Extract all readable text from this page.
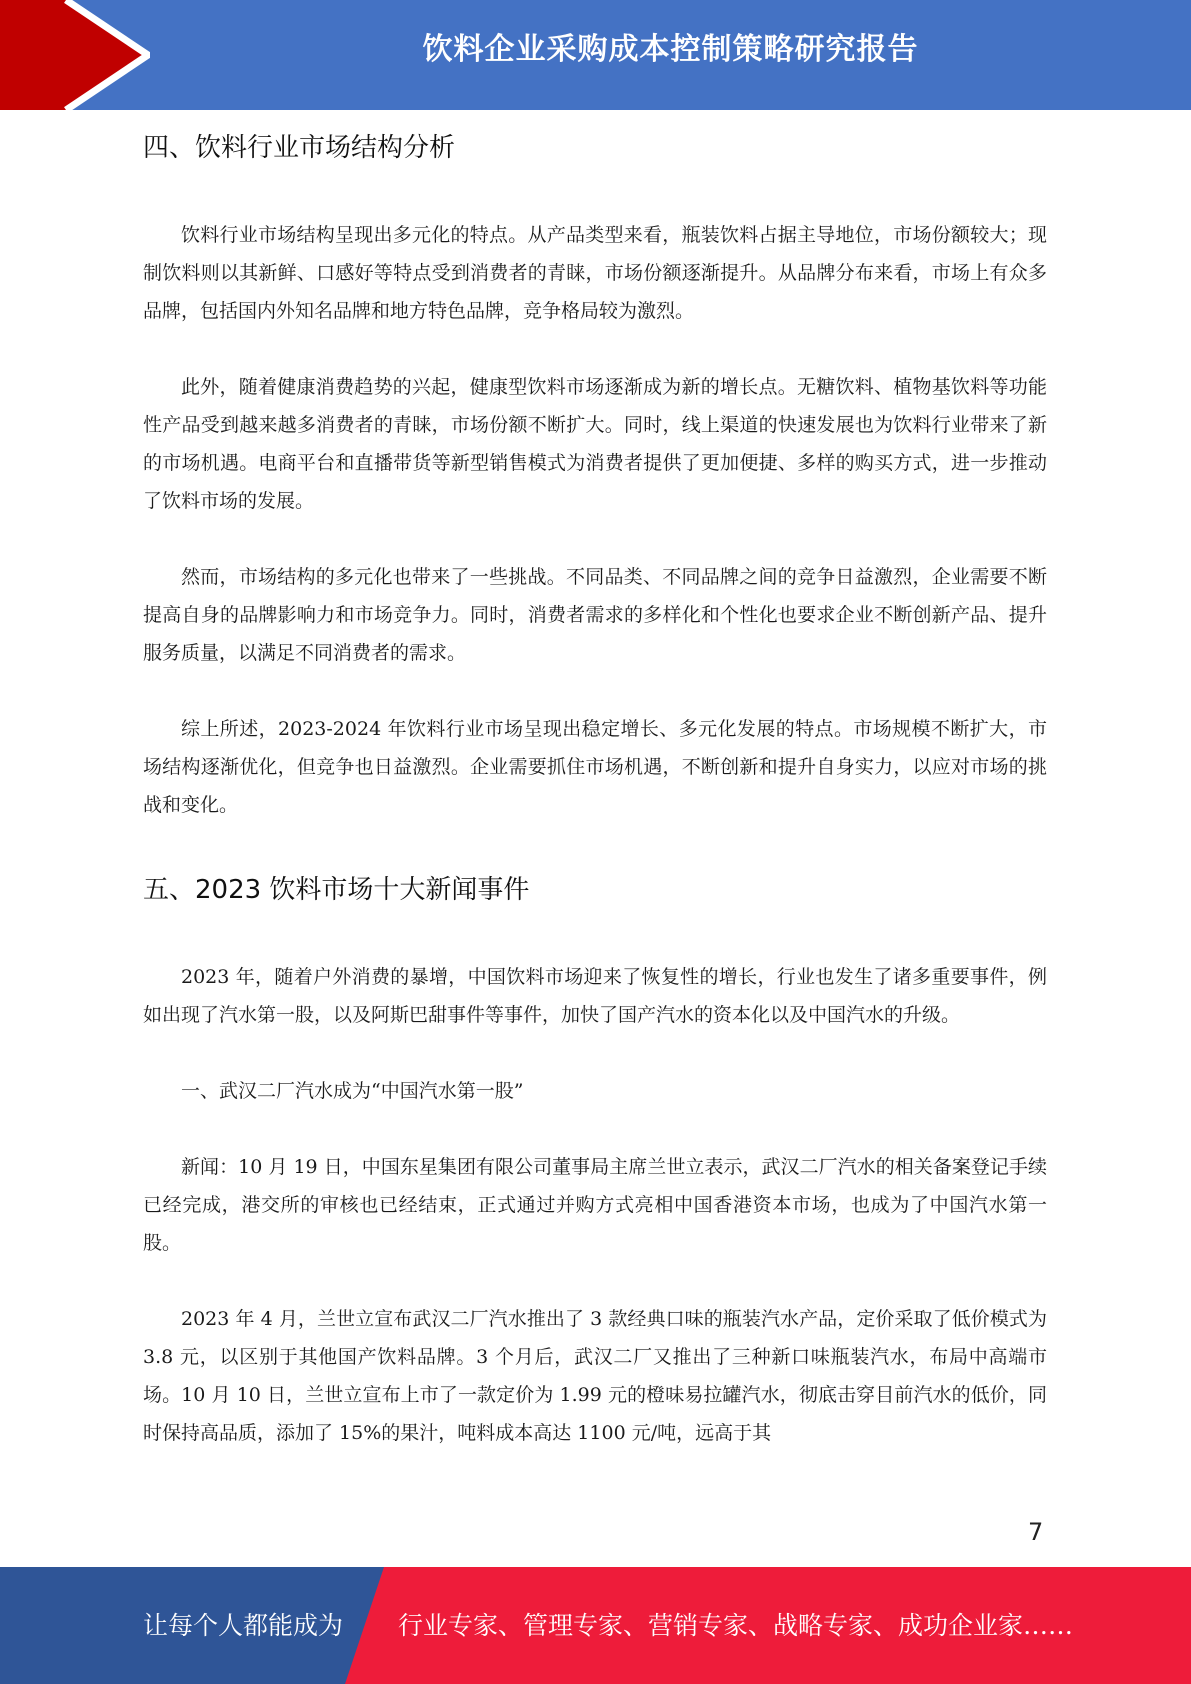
饮料企业采购成本控制策略研究报告
四、饮料行业市场结构分析

饮料行业市场结构呈现出多元化的特点。从产品类型来看，瓶装饮料占据主导地位，市场份额较大；现制饮料则以其新鲜、口感好等特点受到消费者的青睐，市场份额逐渐提升。从品牌分布来看，市场上有众多品牌，包括国内外知名品牌和地方特色品牌，竞争格局较为激烈。

此外，随着健康消费趋势的兴起，健康型饮料市场逐渐成为新的增长点。无糖饮料、植物基饮料等功能性产品受到越来越多消费者的青睐，市场份额不断扩大。同时，线上渠道的快速发展也为饮料行业带来了新的市场机遇。电商平台和直播带货等新型销售模式为消费者提供了更加便捷、多样的购买方式，进一步推动了饮料市场的发展。

然而，市场结构的多元化也带来了一些挑战。不同品类、不同品牌之间的竞争日益激烈，企业需要不断提高自身的品牌影响力和市场竞争力。同时，消费者需求的多样化和个性化也要求企业不断创新产品、提升服务质量，以满足不同消费者的需求。

综上所述，2023-2024 年饮料行业市场呈现出稳定增长、多元化发展的特点。市场规模不断扩大，市场结构逐渐优化，但竞争也日益激烈。企业需要抓住市场机遇，不断创新和提升自身实力，以应对市场的挑战和变化。

五、2023 饮料市场十大新闻事件

2023 年，随着户外消费的暴增，中国饮料市场迎来了恢复性的增长，行业也发生了诸多重要事件，例如出现了汽水第一股，以及阿斯巴甜事件等事件，加快了国产汽水的资本化以及中国汽水的升级。

一、武汉二厂汽水成为“中国汽水第一股”

新闻：10 月 19 日，中国东星集团有限公司董事局主席兰世立表示，武汉二厂汽水的相关备案登记手续已经完成，港交所的审核也已经结束，正式通过并购方式亮相中国香港资本市场，也成为了中国汽水第一股。

2023 年 4 月，兰世立宣布武汉二厂汽水推出了 3 款经典口味的瓶装汽水产品，定价采取了低价模式为 3.8 元，以区别于其他国产饮料品牌。3 个月后，武汉二厂又推出了三种新口味瓶装汽水，布局中高端市场。10 月 10 日，兰世立宣布上市了一款定价为 1.99 元的橙味易拉罐汽水，彻底击穿目前汽水的低价，同时保持高品质，添加了 15%的果汁，吨料成本高达 1100 元/吨，远高于其

7
让每个人都能成为 行业专家、管理专家、营销专家、战略专家、成功企业家……
